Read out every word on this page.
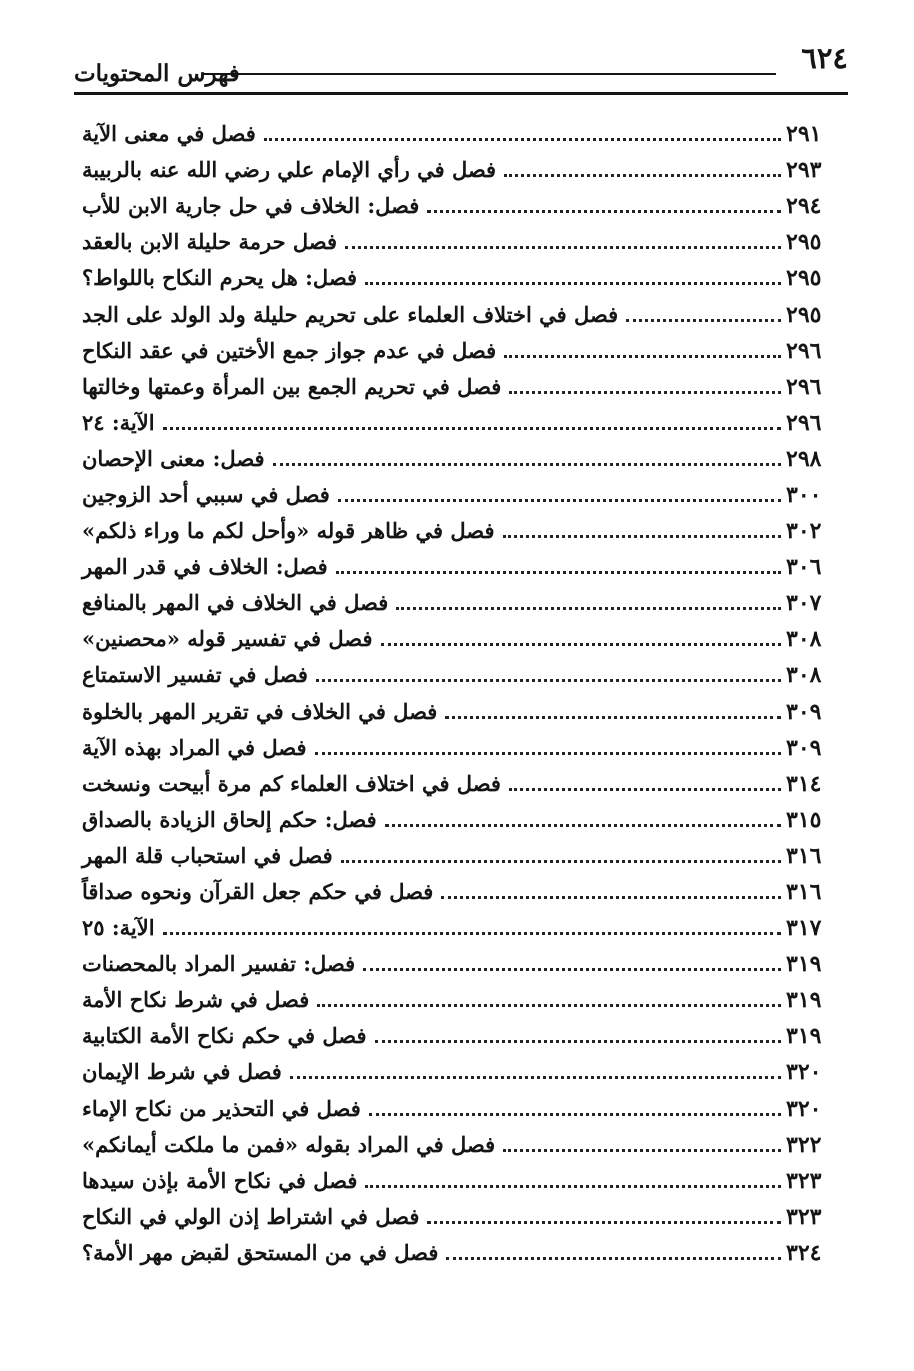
٦٢٤
فهرس المحتويات
فصل في معنى الآية	٢٩١
فصل في رأي الإمام علي رضي الله عنه بالربيبة	٢٩٣
فصل: الخلاف في حل جارية الابن للأب	٢٩٤
فصل حرمة حليلة الابن بالعقد	٢٩٥
فصل: هل يحرم النكاح باللواط؟	٢٩٥
فصل في اختلاف العلماء على تحريم حليلة ولد الولد على الجد	٢٩٥
فصل في عدم جواز جمع الأختين في عقد النكاح	٢٩٦
فصل في تحريم الجمع بين المرأة وعمتها وخالتها	٢٩٦
الآية: ٢٤	٢٩٦
فصل: معنى الإحصان	٢٩٨
فصل في سببي أحد الزوجين	٣٠٠
فصل في ظاهر قوله «وأحل لكم ما وراء ذلكم»	٣٠٢
فصل: الخلاف في قدر المهر	٣٠٦
فصل في الخلاف في المهر بالمنافع	٣٠٧
فصل في تفسير قوله «محصنين»	٣٠٨
فصل في تفسير الاستمتاع	٣٠٨
فصل في الخلاف في تقرير المهر بالخلوة	٣٠٩
فصل في المراد بهذه الآية	٣٠٩
فصل في اختلاف العلماء كم مرة أبيحت ونسخت	٣١٤
فصل: حكم إلحاق الزيادة بالصداق	٣١٥
فصل في استحباب قلة المهر	٣١٦
فصل في حكم جعل القرآن ونحوه صداقاً	٣١٦
الآية: ٢٥	٣١٧
فصل: تفسير المراد بالمحصنات	٣١٩
فصل في شرط نكاح الأمة	٣١٩
فصل في حكم نكاح الأمة الكتابية	٣١٩
فصل في شرط الإيمان	٣٢٠
فصل في التحذير من نكاح الإماء	٣٢٠
فصل في المراد بقوله «فمن ما ملكت أيمانكم»	٣٢٢
فصل في نكاح الأمة بإذن سيدها	٣٢٣
فصل في اشتراط إذن الولي في النكاح	٣٢٣
فصل في من المستحق لقبض مهر الأمة؟	٣٢٤
